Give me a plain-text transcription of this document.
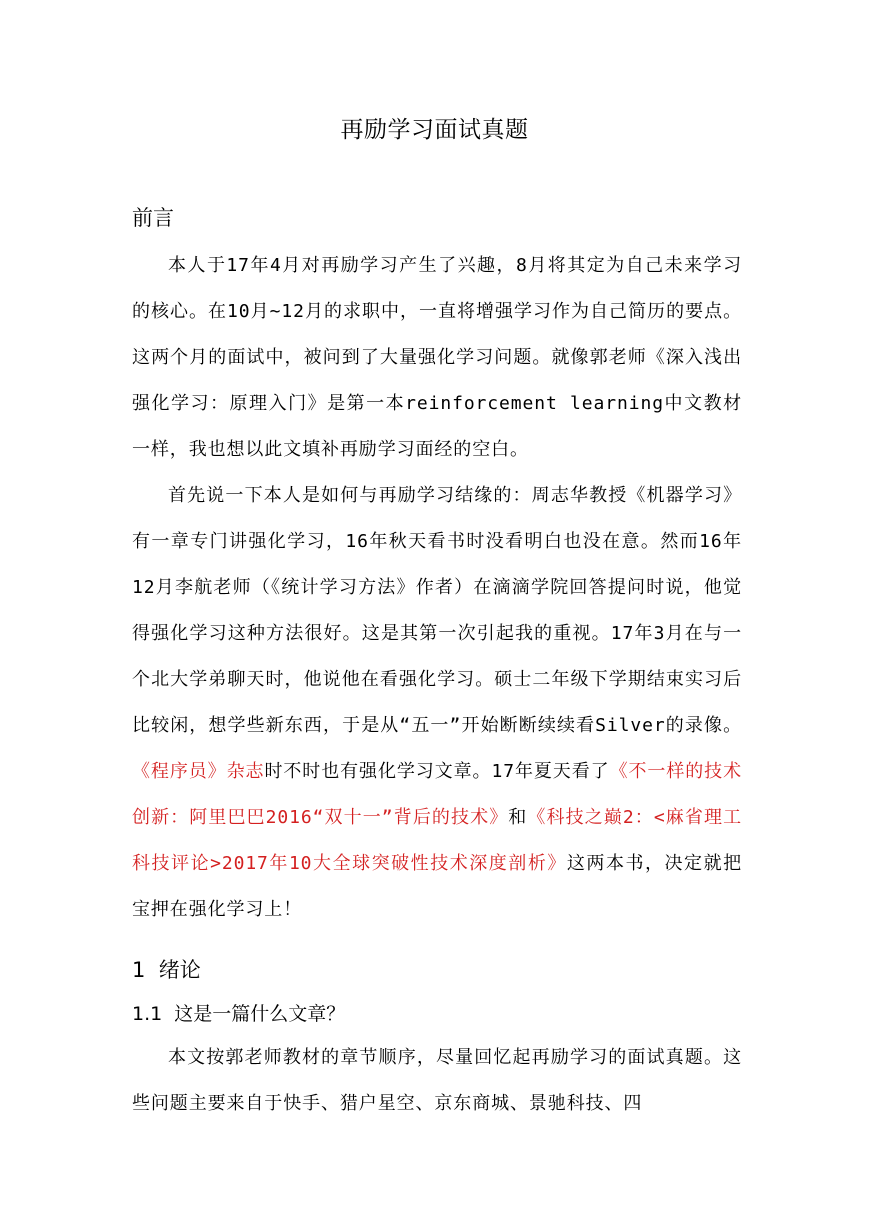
再励学习面试真题
前言

本人于17年4月对再励学习产生了兴趣，8月将其定为自己未来学习的核心。在10月~12月的求职中，一直将增强学习作为自己简历的要点。这两个月的面试中，被问到了大量强化学习问题。就像郭老师《深入浅出强化学习：原理入门》是第一本reinforcement learning中文教材一样，我也想以此文填补再励学习面经的空白。

首先说一下本人是如何与再励学习结缘的：周志华教授《机器学习》有一章专门讲强化学习，16年秋天看书时没看明白也没在意。然而16年12月李航老师（《统计学习方法》作者）在滴滴学院回答提问时说，他觉得强化学习这种方法很好。这是其第一次引起我的重视。17年3月在与一个北大学弟聊天时，他说他在看强化学习。硕士二年级下学期结束实习后比较闲，想学些新东西，于是从“五一”开始断断续续看Silver的录像。《程序员》杂志时不时也有强化学习文章。17年夏天看了《不一样的技术创新：阿里巴巴2016“双十一”背后的技术》和《科技之巅2：<麻省理工科技评论>2017年10大全球突破性技术深度剖析》这两本书，决定就把宝押在强化学习上！

1  绪论
1.1  这是一篇什么文章？

本文按郭老师教材的章节顺序，尽量回忆起再励学习的面试真题。这些问题主要来自于快手、猎户星空、京东商城、景驰科技、四
